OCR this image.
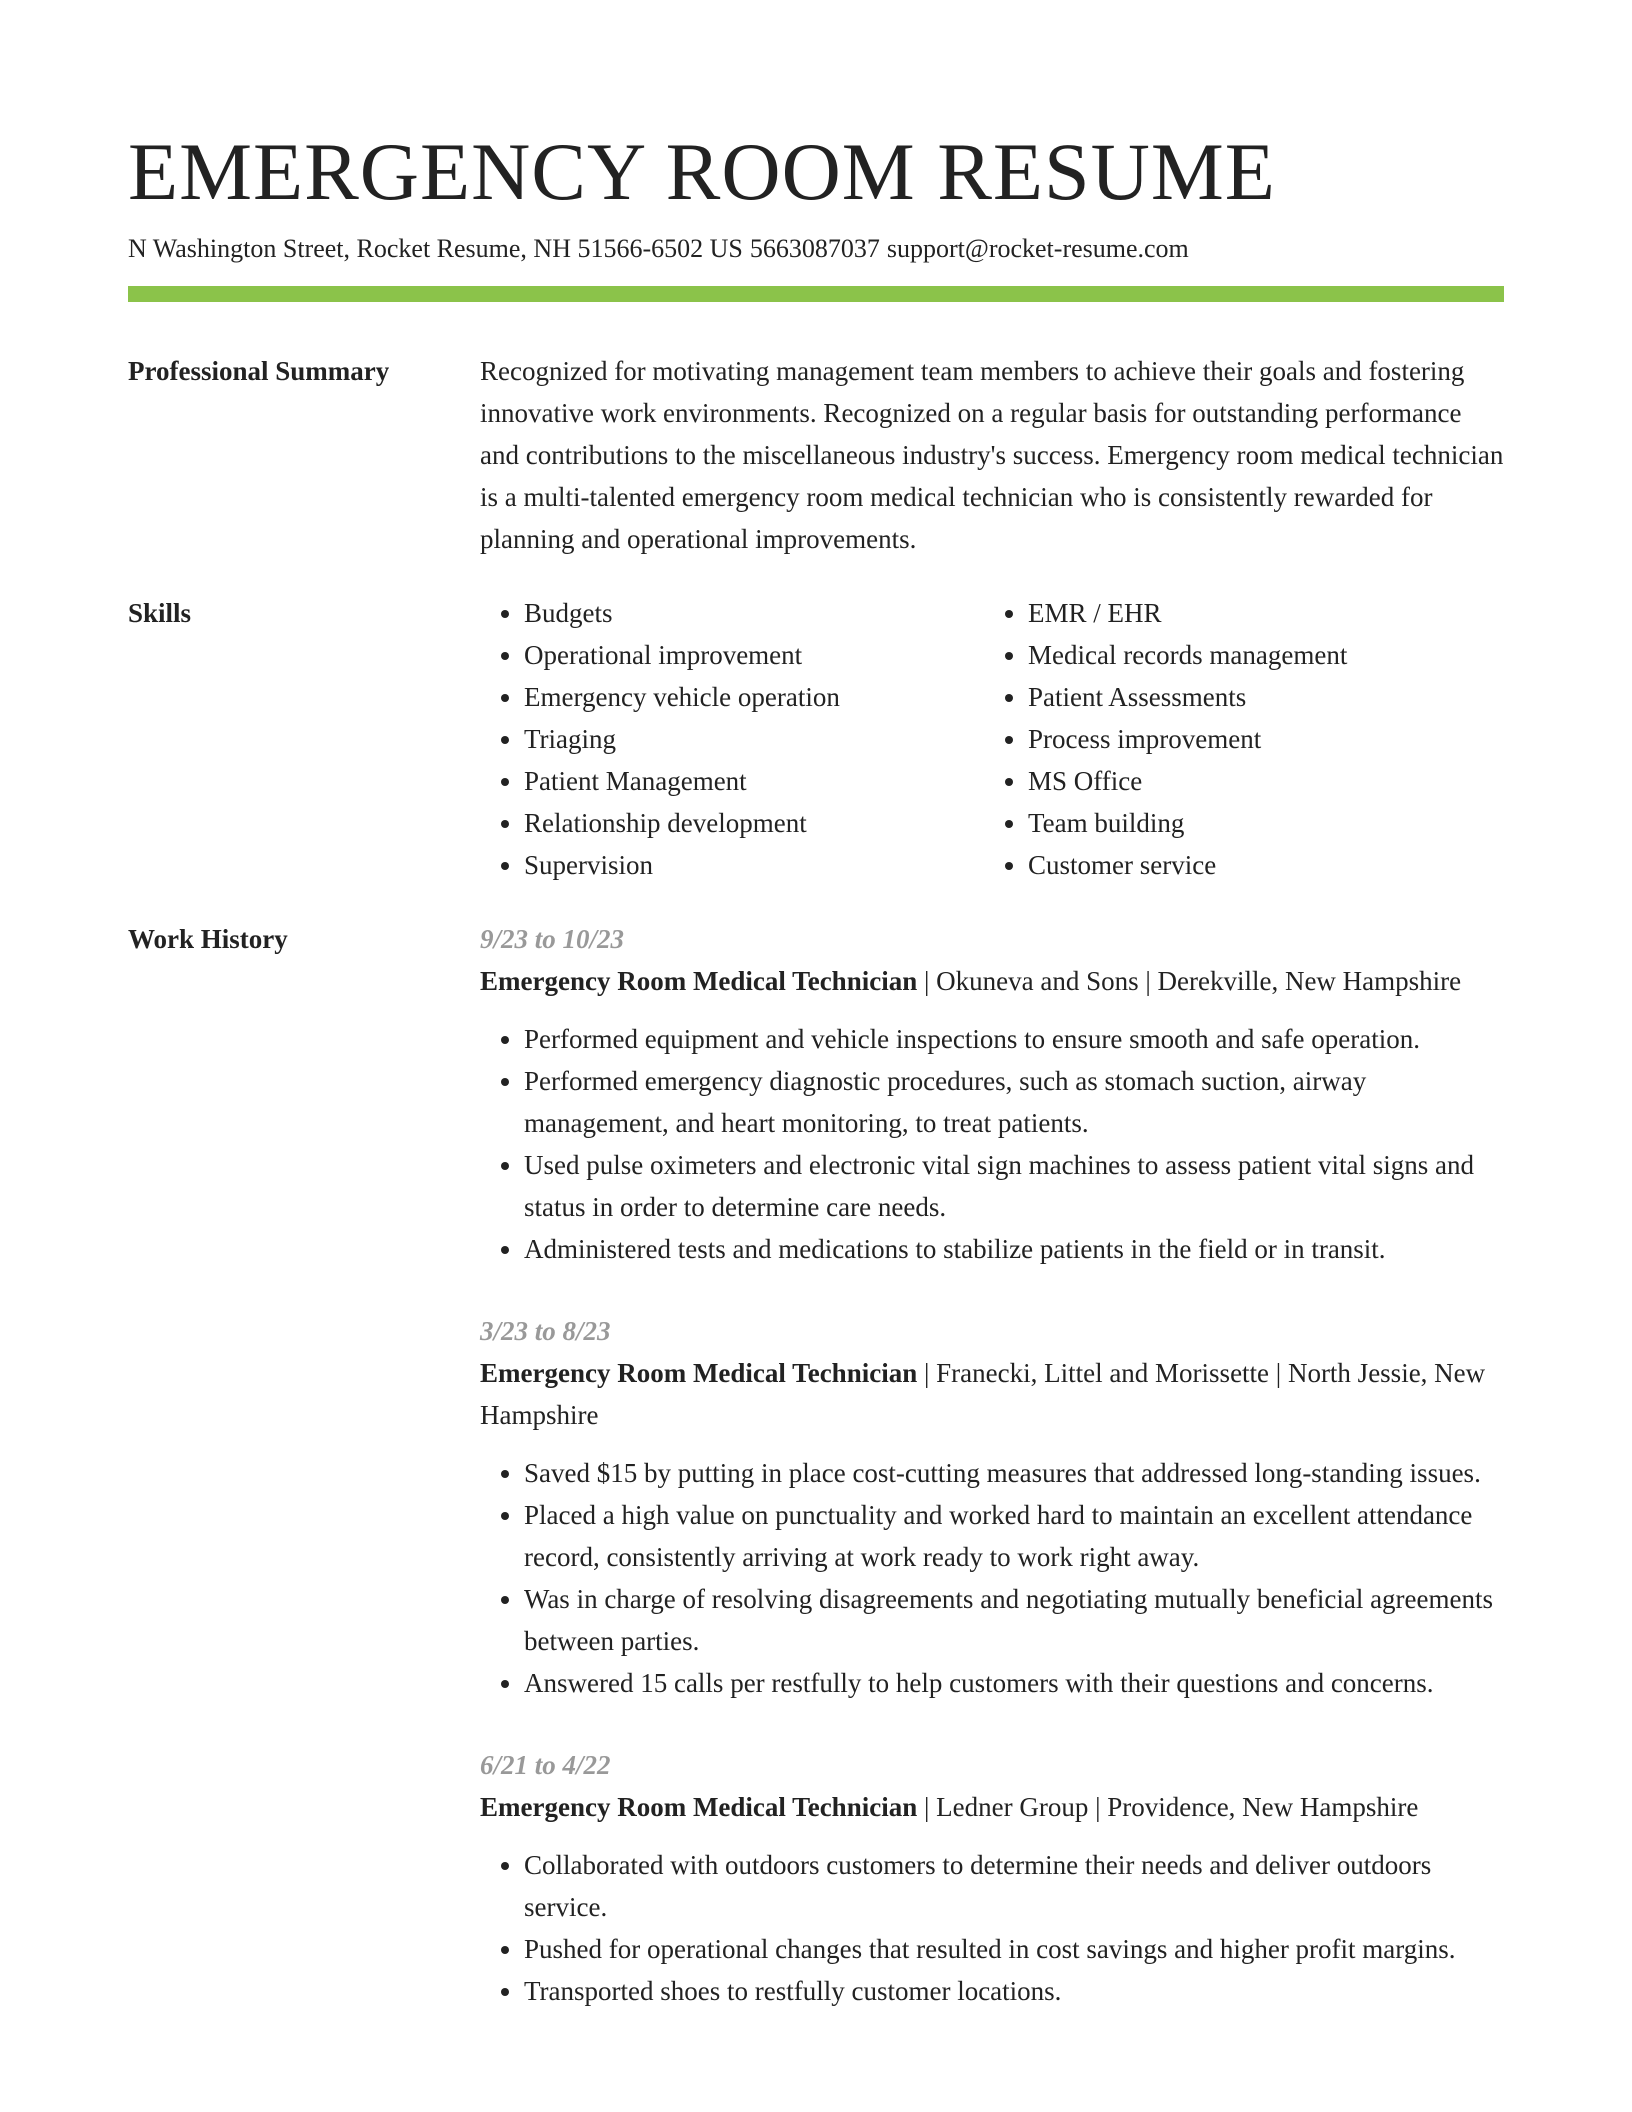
EMERGENCY ROOM RESUME
N Washington Street, Rocket Resume, NH 51566-6502 US 5663087037 support@rocket-resume.com
Professional Summary	Recognized for motivating management team members to achieve their goals and fostering innovative work environments. Recognized on a regular basis for outstanding performance and contributions to the miscellaneous industry's success. Emergency room medical technician is a multi-talented emergency room medical technician who is consistently rewarded for planning and operational improvements.

Skills
•	Budgets
• Operational improvement
• Emergency vehicle operation
• Triaging
• Patient Management
• Relationship development
• Supervision
• EMR / EHR
• Medical records management
• Patient Assessments
• Process improvement
• MS Office
• Team building
• Customer service
Work History	9/23 to 10/23
Emergency Room Medical Technician | Okuneva and Sons | Derekville, New Hampshire
• Performed equipment and vehicle inspections to ensure smooth and safe operation.
• Performed emergency diagnostic procedures, such as stomach suction, airway management, and heart monitoring, to treat patients.
• Used pulse oximeters and electronic vital sign machines to assess patient vital signs and status in order to determine care needs.
• Administered tests and medications to stabilize patients in the field or in transit.
3/23 to 8/23
Emergency Room Medical Technician | Franecki, Littel and Morissette | North Jessie, New Hampshire
• Saved $15 by putting in place cost-cutting measures that addressed long-standing issues.
• Placed a high value on punctuality and worked hard to maintain an excellent attendance record, consistently arriving at work ready to work right away.
• Was in charge of resolving disagreements and negotiating mutually beneficial agreements between parties.
• Answered 15 calls per restfully to help customers with their questions and concerns.
6/21 to 4/22
Emergency Room Medical Technician | Ledner Group | Providence, New Hampshire
• Collaborated with outdoors customers to determine their needs and deliver outdoors service.
• Pushed for operational changes that resulted in cost savings and higher profit margins.
• Transported shoes to restfully customer locations.
